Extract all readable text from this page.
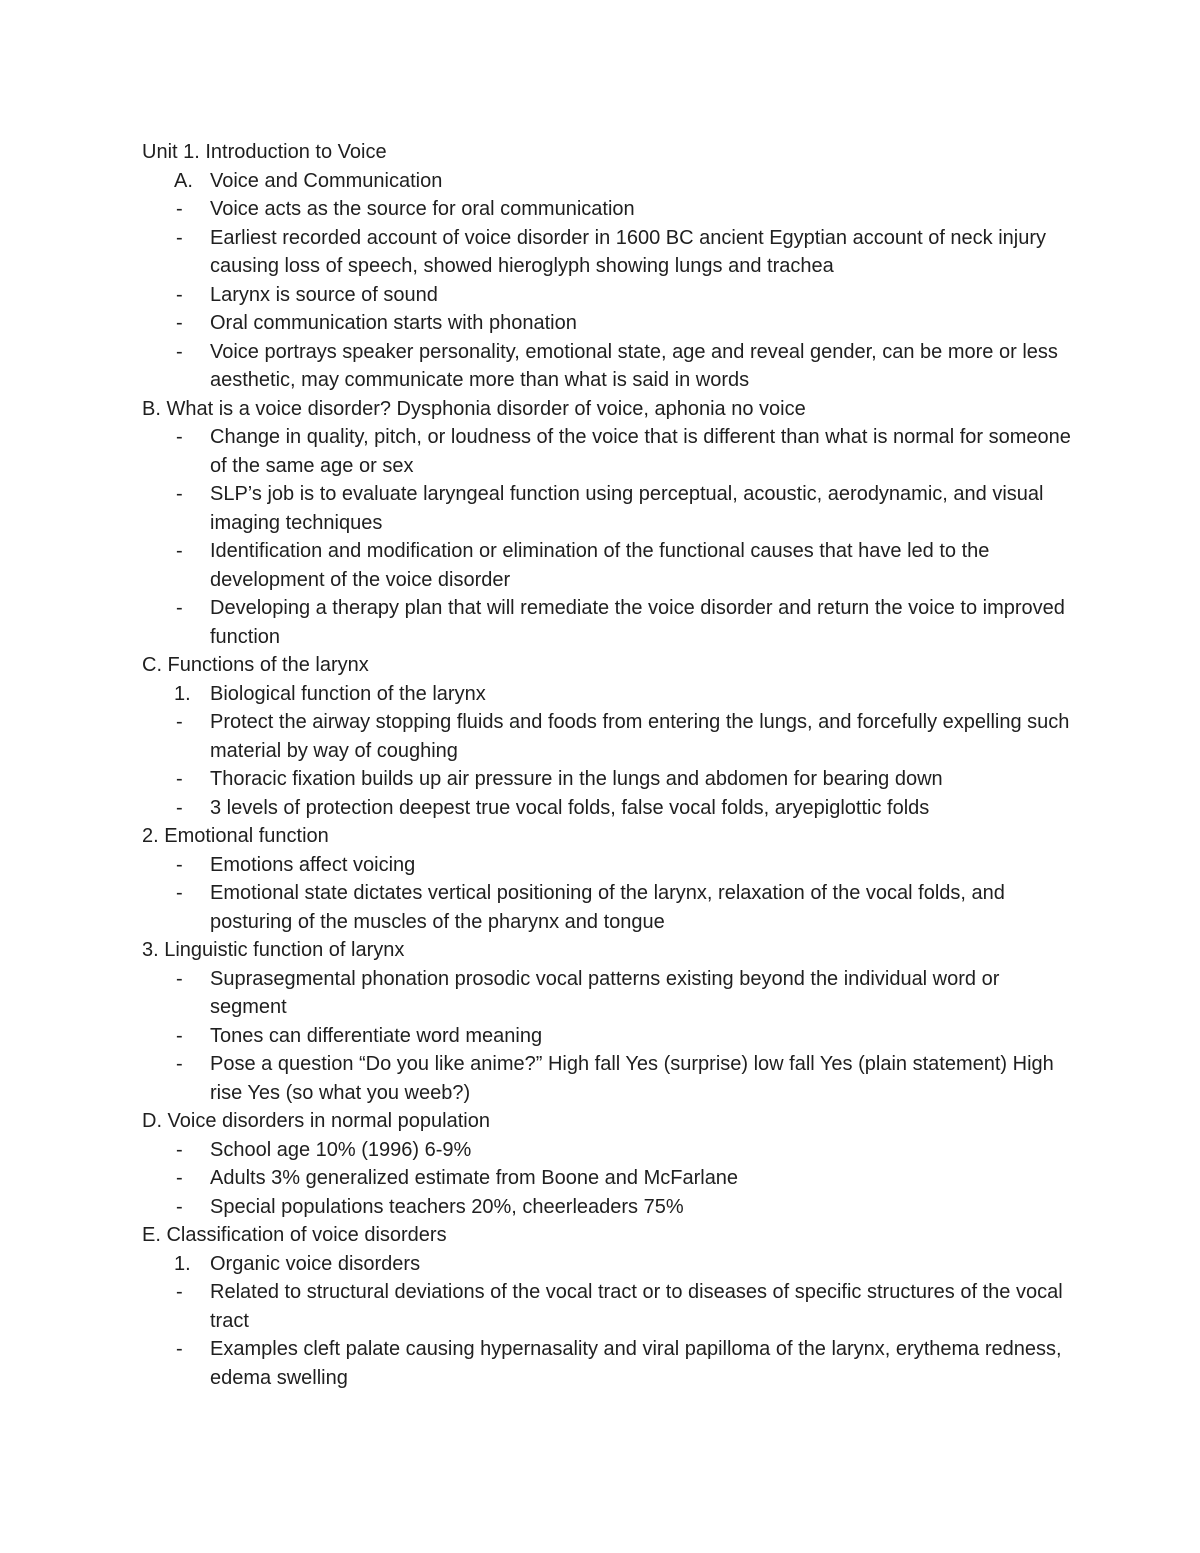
Unit 1. Introduction to Voice
A. Voice and Communication
-	Voice acts as the source for oral communication
-	Earliest recorded account of voice disorder in 1600 BC ancient Egyptian account of neck injury causing loss of speech, showed hieroglyph showing lungs and trachea
-	Larynx is source of sound
-	Oral communication starts with phonation
-	Voice portrays speaker personality, emotional state, age and reveal gender, can be more or less aesthetic, may communicate more than what is said in words
B. What is a voice disorder? Dysphonia disorder of voice, aphonia no voice
-	Change in quality, pitch, or loudness of the voice that is different than what is normal for someone of the same age or sex
-	SLP’s job is to evaluate laryngeal function using perceptual, acoustic, aerodynamic, and visual imaging techniques
-	Identification and modification or elimination of the functional causes that have led to the development of the voice disorder
-	Developing a therapy plan that will remediate the voice disorder and return the voice to improved function
C. Functions of the larynx
1. Biological function of the larynx
-	Protect the airway stopping fluids and foods from entering the lungs, and forcefully expelling such material by way of coughing
-	Thoracic fixation builds up air pressure in the lungs and abdomen for bearing down
-	3 levels of protection deepest true vocal folds, false vocal folds, aryepiglottic folds
2. Emotional function
-	Emotions affect voicing
-	Emotional state dictates vertical positioning of the larynx, relaxation of the vocal folds, and posturing of the muscles of the pharynx and tongue
3. Linguistic function of larynx
-	Suprasegmental phonation prosodic vocal patterns existing beyond the individual word or segment
-	Tones can differentiate word meaning
-	Pose a question “Do you like anime?” High fall Yes (surprise) low fall Yes (plain statement) High rise Yes (so what you weeb?)
D. Voice disorders in normal population
-	School age 10% (1996) 6-9%
-	Adults 3% generalized estimate from Boone and McFarlane
-	Special populations teachers 20%, cheerleaders 75%
E. Classification of voice disorders
1. Organic voice disorders
-	Related to structural deviations of the vocal tract or to diseases of specific structures of the vocal tract
-	Examples cleft palate causing hypernasality and viral papilloma of the larynx, erythema redness, edema swelling
